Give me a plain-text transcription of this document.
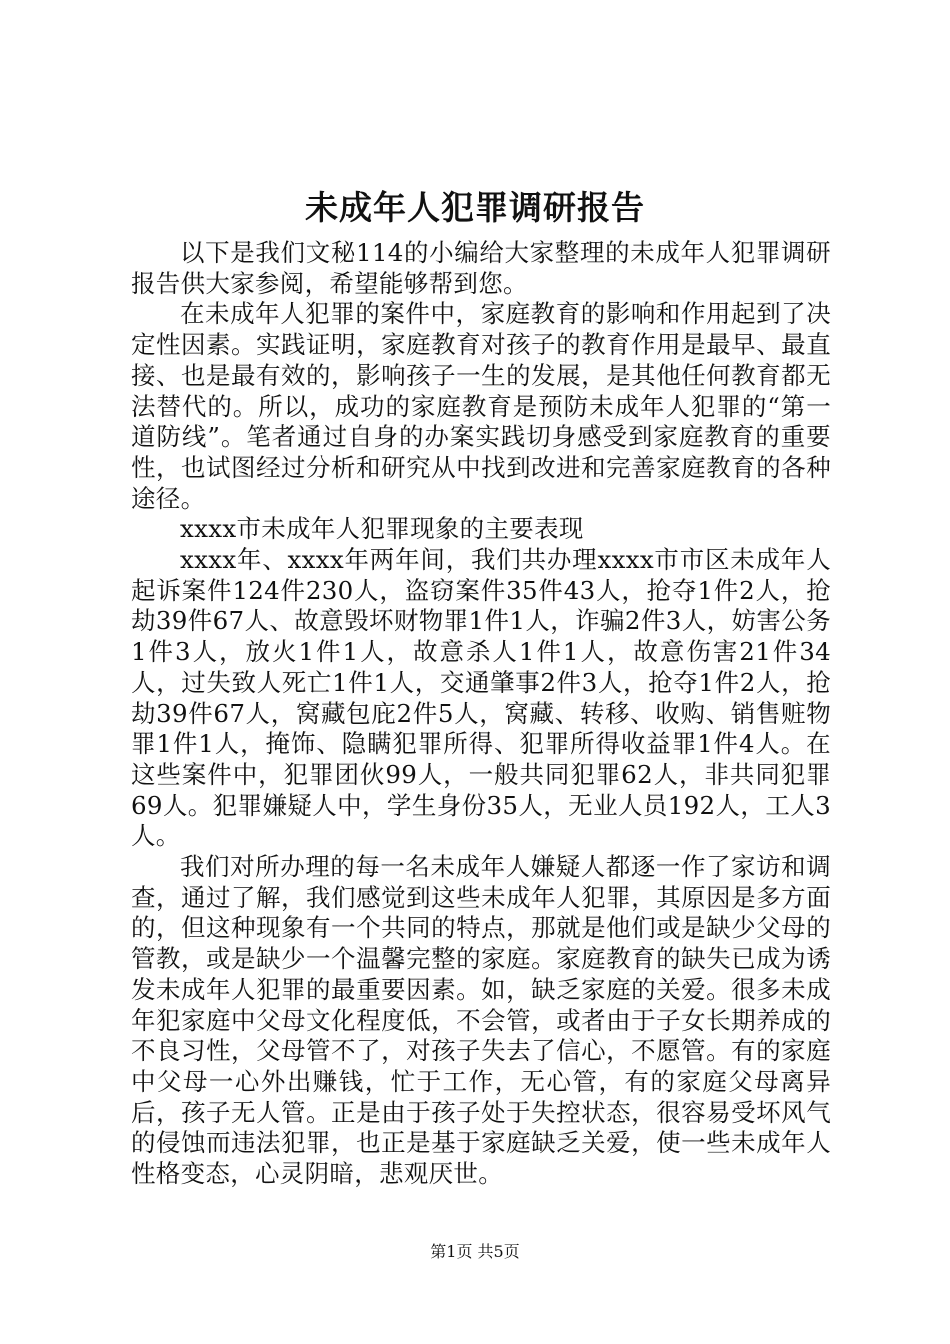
未成年人犯罪调研报告

以下是我们文秘114的小编给大家整理的未成年人犯罪调研报告供大家参阅，希望能够帮到您。

在未成年人犯罪的案件中，家庭教育的影响和作用起到了决定性因素。实践证明，家庭教育对孩子的教育作用是最早、最直接、也是最有效的，影响孩子一生的发展，是其他任何教育都无法替代的。所以，成功的家庭教育是预防未成年人犯罪的“第一道防线”。笔者通过自身的办案实践切身感受到家庭教育的重要性，也试图经过分析和研究从中找到改进和完善家庭教育的各种途径。

xxxx市未成年人犯罪现象的主要表现

xxxx年、xxxx年两年间，我们共办理xxxx市市区未成年人起诉案件124件230人，盗窃案件35件43人，抢夺1件2人，抢劫39件67人、故意毁坏财物罪1件1人，诈骗2件3人，妨害公务1件3人，放火1件1人，故意杀人1件1人，故意伤害21件34人，过失致人死亡1件1人，交通肇事2件3人，抢夺1件2人，抢劫39件67人，窝藏包庇2件5人，窝藏、转移、收购、销售赃物罪1件1人，掩饰、隐瞒犯罪所得、犯罪所得收益罪1件4人。在这些案件中，犯罪团伙99人，一般共同犯罪62人，非共同犯罪69人。犯罪嫌疑人中，学生身份35人，无业人员192人，工人3人。

我们对所办理的每一名未成年人嫌疑人都逐一作了家访和调查，通过了解，我们感觉到这些未成年人犯罪，其原因是多方面的，但这种现象有一个共同的特点，那就是他们或是缺少父母的管教，或是缺少一个温馨完整的家庭。家庭教育的缺失已成为诱发未成年人犯罪的最重要因素。如，缺乏家庭的关爱。很多未成年犯家庭中父母文化程度低，不会管，或者由于子女长期养成的不良习性，父母管不了，对孩子失去了信心，不愿管。有的家庭中父母一心外出赚钱，忙于工作，无心管，有的家庭父母离异后，孩子无人管。正是由于孩子处于失控状态，很容易受坏风气的侵蚀而违法犯罪，也正是基于家庭缺乏关爱，使一些未成年人性格变态，心灵阴暗，悲观厌世。

第1页 共5页
